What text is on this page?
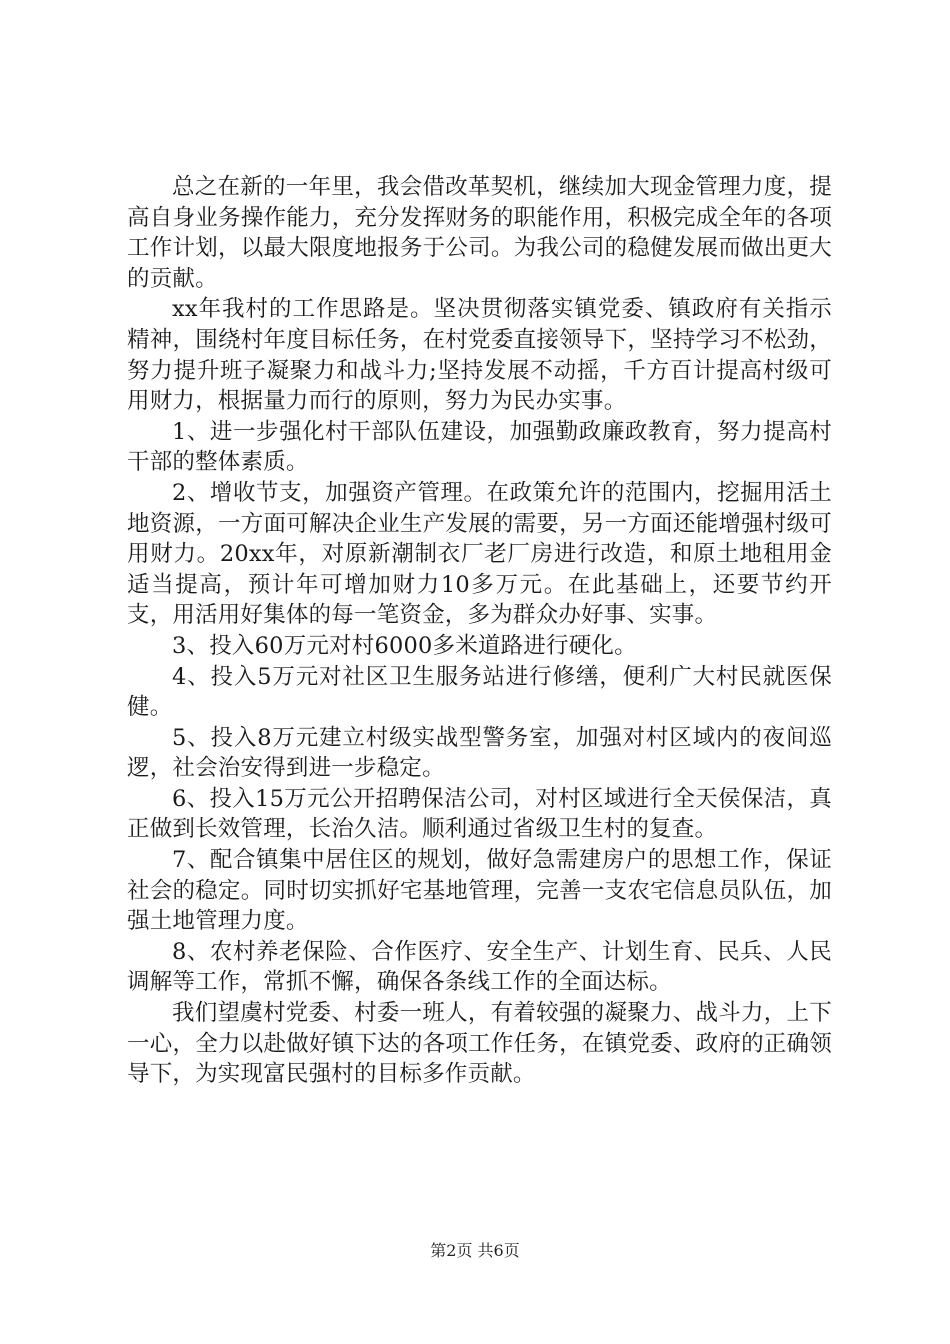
总之在新的一年里，我会借改革契机，继续加大现金管理力度，提高自身业务操作能力，充分发挥财务的职能作用，积极完成全年的各项工作计划，以最大限度地报务于公司。为我公司的稳健发展而做出更大的贡献。

xx年我村的工作思路是。坚决贯彻落实镇党委、镇政府有关指示精神，围绕村年度目标任务，在村党委直接领导下，坚持学习不松劲，努力提升班子凝聚力和战斗力;坚持发展不动摇，千方百计提高村级可用财力，根据量力而行的原则，努力为民办实事。

1、进一步强化村干部队伍建设，加强勤政廉政教育，努力提高村干部的整体素质。

2、增收节支，加强资产管理。在政策允许的范围内，挖掘用活土地资源，一方面可解决企业生产发展的需要，另一方面还能增强村级可用财力。20xx年，对原新潮制衣厂老厂房进行改造，和原土地租用金适当提高，预计年可增加财力10多万元。在此基础上，还要节约开支，用活用好集体的每一笔资金，多为群众办好事、实事。

3、投入60万元对村6000多米道路进行硬化。

4、投入5万元对社区卫生服务站进行修缮，便利广大村民就医保健。

5、投入8万元建立村级实战型警务室，加强对村区域内的夜间巡逻，社会治安得到进一步稳定。

6、投入15万元公开招聘保洁公司，对村区域进行全天侯保洁，真正做到长效管理，长治久洁。顺利通过省级卫生村的复查。

7、配合镇集中居住区的规划，做好急需建房户的思想工作，保证社会的稳定。同时切实抓好宅基地管理，完善一支农宅信息员队伍，加强土地管理力度。

8、农村养老保险、合作医疗、安全生产、计划生育、民兵、人民调解等工作，常抓不懈，确保各条线工作的全面达标。

我们望虞村党委、村委一班人，有着较强的凝聚力、战斗力，上下一心，全力以赴做好镇下达的各项工作任务，在镇党委、政府的正确领导下，为实现富民强村的目标多作贡献。

第2页 共6页
